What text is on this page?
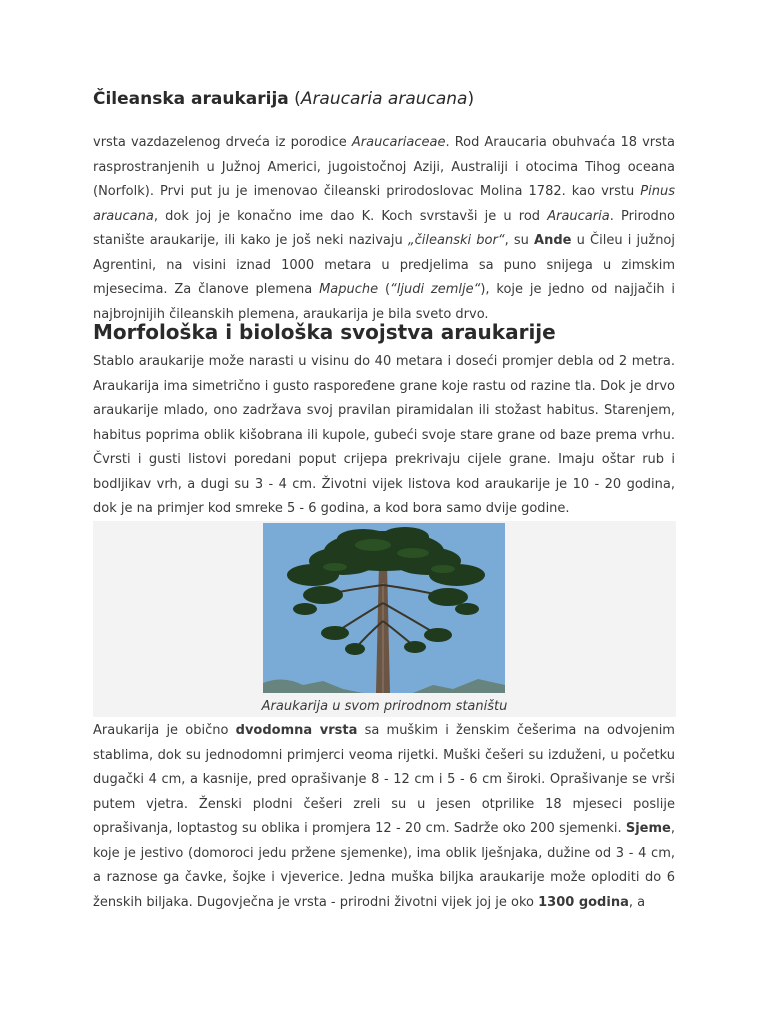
Čileanska araukarija (Araucaria araucana)

vrsta vazdazelenog drveća iz porodice Araucariaceae. Rod Araucaria obuhvaća 18 vrsta rasprostranjenih u Južnoj Americi, jugoistočnoj Aziji, Australiji i otocima Tihog oceana (Norfolk). Prvi put ju je imenovao čileanski prirodoslovac Molina 1782. kao vrstu Pinus araucana, dok joj je konačno ime dao K. Koch svrstavši je u rod Araucaria. Prirodno stanište araukarije, ili kako je još neki nazivaju „čileanski bor“, su Ande u Čileu i južnoj Agrentini, na visini iznad 1000 metara u predjelima sa puno snijega u zimskim mjesecima. Za članove plemena Mapuche (“ljudi zemlje“), koje je jedno od najjačih i najbrojnijih čileanskih plemena, araukarija je bila sveto drvo.

Morfološka i biološka svojstva araukarije

Stablo araukarije može narasti u visinu do 40 metara i doseći promjer debla od 2 metra. Araukarija ima simetrično i gusto raspoređene grane koje rastu od razine tla. Dok je drvo araukarije mlado, ono zadržava svoj pravilan piramidalan ili stožast habitus. Starenjem, habitus poprima oblik kišobrana ili kupole, gubeći svoje stare grane od baze prema vrhu. Čvrsti i gusti listovi poredani poput crijepa prekrivaju cijele grane. Imaju oštar rub i bodljikav vrh, a dugi su 3 - 4 cm. Životni vijek listova kod araukarije je 10 - 20 godina, dok je na primjer kod smreke 5 - 6 godina, a kod bora samo dvije godine.

Araukarija u svom prirodnom staništu

Araukarija je obično dvodomna vrsta sa muškim i ženskim češerima na odvojenim stablima, dok su jednodomni primjerci veoma rijetki. Muški češeri su izduženi, u početku dugački 4 cm, a kasnije, pred oprašivanje 8 - 12 cm i 5 - 6 cm široki. Oprašivanje se vrši putem vjetra. Ženski plodni češeri zreli su u jesen otprilike 18 mjeseci poslije oprašivanja, loptastog su oblika i promjera 12 - 20 cm. Sadrže oko 200 sjemenki. Sjeme, koje je jestivo (domoroci jedu pržene sjemenke), ima oblik lješnjaka, dužine od 3 - 4 cm, a raznose ga čavke, šojke i vjeverice. Jedna muška biljka araukarije može oploditi do 6 ženskih biljaka. Dugovječna je vrsta - prirodni životni vijek joj je oko 1300 godina, a
